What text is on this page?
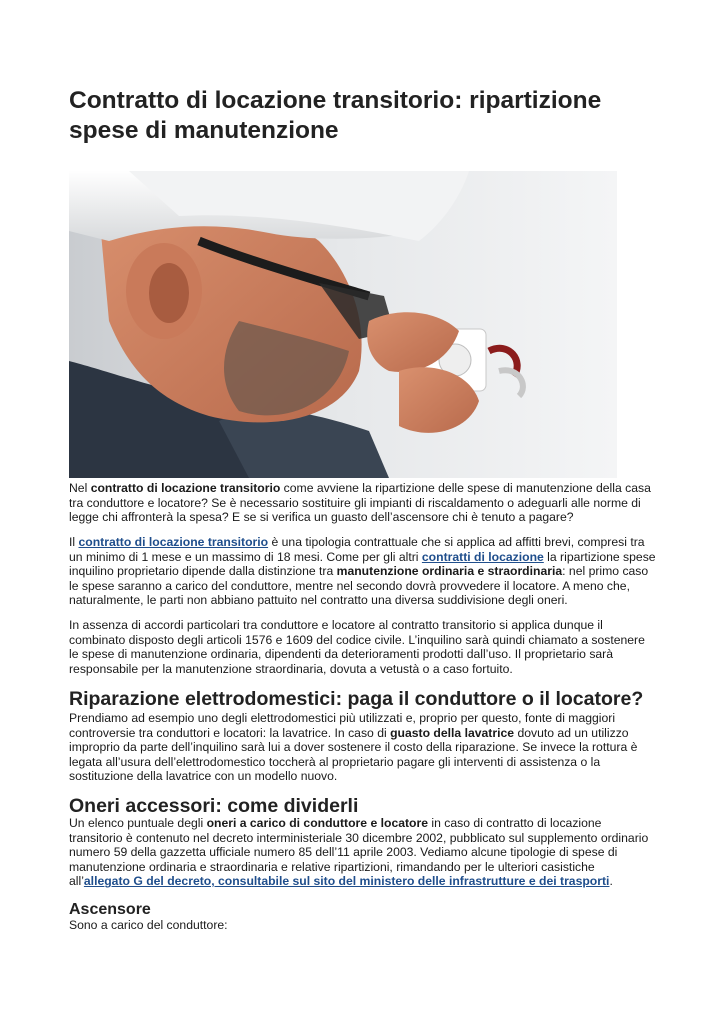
Contratto di locazione transitorio: ripartizione spese di manutenzione

Nel contratto di locazione transitorio come avviene la ripartizione delle spese di manutenzione della casa tra conduttore e locatore? Se è necessario sostituire gli impianti di riscaldamento o adeguarli alle norme di legge chi affronterà la spesa? E se si verifica un guasto dell’ascensore chi è tenuto a pagare?

Il contratto di locazione transitorio è una tipologia contrattuale che si applica ad affitti brevi, compresi tra un minimo di 1 mese e un massimo di 18 mesi. Come per gli altri contratti di locazione la ripartizione spese inquilino proprietario dipende dalla distinzione tra manutenzione ordinaria e straordinaria: nel primo caso le spese saranno a carico del conduttore, mentre nel secondo dovrà provvedere il locatore. A meno che, naturalmente, le parti non abbiano pattuito nel contratto una diversa suddivisione degli oneri.

In assenza di accordi particolari tra conduttore e locatore al contratto transitorio si applica dunque il combinato disposto degli articoli 1576 e 1609 del codice civile. L’inquilino sarà quindi chiamato a sostenere le spese di manutenzione ordinaria, dipendenti da deterioramenti prodotti dall’uso. Il proprietario sarà responsabile per la manutenzione straordinaria, dovuta a vetustà o a caso fortuito.

Riparazione elettrodomestici: paga il conduttore o il locatore?

Prendiamo ad esempio uno degli elettrodomestici più utilizzati e, proprio per questo, fonte di maggiori controversie tra conduttori e locatori: la lavatrice. In caso di guasto della lavatrice dovuto ad un utilizzo improprio da parte dell’inquilino sarà lui a dover sostenere il costo della riparazione. Se invece la rottura è legata all’usura dell’elettrodomestico toccherà al proprietario pagare gli interventi di assistenza o la sostituzione della lavatrice con un modello nuovo.

Oneri accessori: come dividerli

Un elenco puntuale degli oneri a carico di conduttore e locatore in caso di contratto di locazione transitorio è contenuto nel decreto interministeriale 30 dicembre 2002, pubblicato sul supplemento ordinario numero 59 della gazzetta ufficiale numero 85 dell’11 aprile 2003. Vediamo alcune tipologie di spese di manutenzione ordinaria e straordinaria e relative ripartizioni, rimandando per le ulteriori casistiche all’allegato G del decreto, consultabile sul sito del ministero delle infrastrutture e dei trasporti.

Ascensore

Sono a carico del conduttore:
